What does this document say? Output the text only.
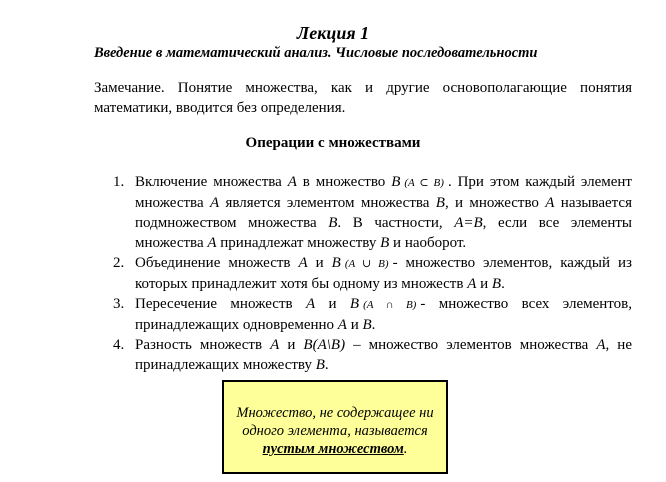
Лекция 1
Введение в математический анализ. Числовые последовательности
Замечание. Понятие множества, как и другие основополагающие понятия математики, вводится без определения.
Операции с множествами
1. Включение множества A в множество B (A ⊂ B) . При этом каждый элемент множества A является элементом множества B, и множество A называется подмножеством множества B. В частности, A=B, если все элементы множества A принадлежат множеству B и наоборот.
2. Объединение множеств A и B (A ∪ B) - множество элементов, каждый из которых принадлежит хотя бы одному из множеств A и B.
3. Пересечение множеств A и B (A ∩ B) - множество всех элементов, принадлежащих одновременно A и B.
4. Разность множеств A и B(A\B) – множество элементов множества A, не принадлежащих множеству B.
Множество, не содержащее ни одного элемента, называется пустым множеством.
